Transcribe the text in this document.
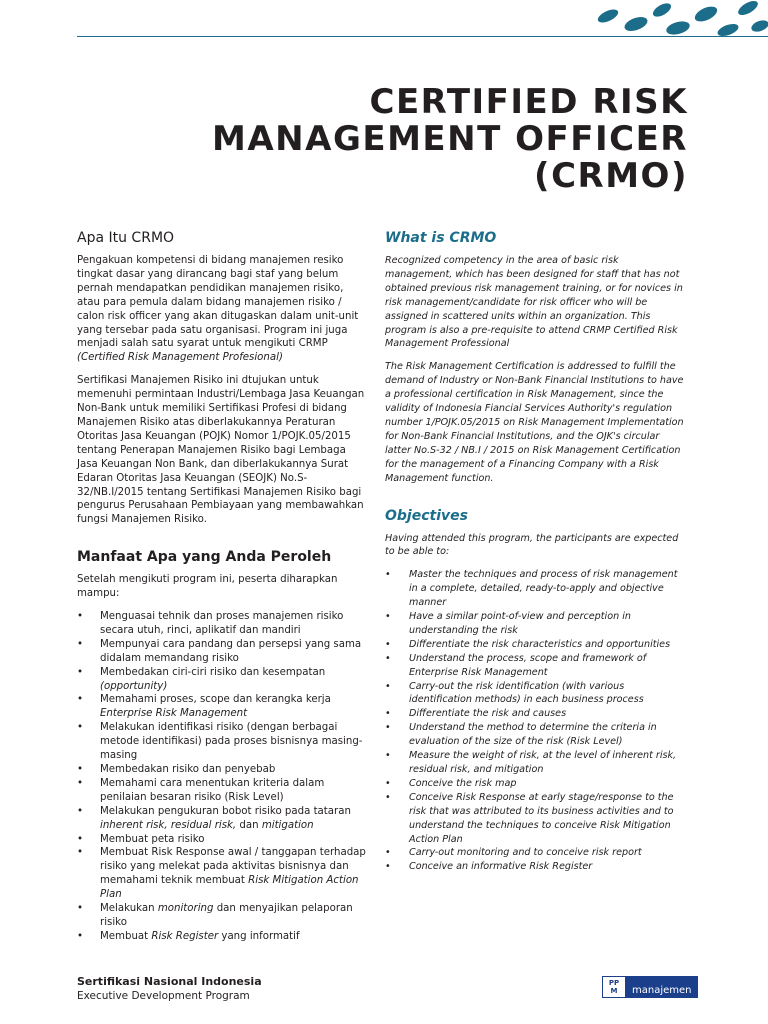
CERTIFIED RISK
MANAGEMENT OFFICER
(CRMO)
Apa Itu CRMO

Pengakuan kompetensi di bidang manajemen resiko tingkat dasar yang dirancang bagi staf yang belum pernah mendapatkan pendidikan manajemen risiko, atau para pemula dalam bidang manajemen risiko / calon risk officer yang akan ditugaskan dalam unit-unit yang tersebar pada satu organisasi. Program ini juga menjadi salah satu syarat untuk mengikuti CRMP (Certified Risk Management Profesional)

Sertifikasi Manajemen Risiko ini dtujukan untuk memenuhi permintaan Industri/Lembaga Jasa Keuangan Non-Bank untuk memiliki Sertifikasi Profesi di bidang Manajemen Risiko atas diberlakukannya Peraturan Otoritas Jasa Keuangan (POJK) Nomor 1/POJK.05/2015 tentang Penerapan Manajemen Risiko bagi Lembaga Jasa Keuangan Non Bank, dan diberlakukannya Surat Edaran Otoritas Jasa Keuangan (SEOJK) No.S-32/NB.I/2015 tentang Sertifikasi Manajemen Risiko bagi pengurus Perusahaan Pembiayaan yang membawahkan fungsi Manajemen Risiko.

Manfaat Apa yang Anda Peroleh

Setelah mengikuti program ini, peserta diharapkan mampu:

• Menguasai tehnik dan proses manajemen risiko secara utuh, rinci, aplikatif dan mandiri
• Mempunyai cara pandang dan persepsi yang sama didalam memandang risiko
• Membedakan ciri-ciri risiko dan kesempatan (opportunity)
• Memahami proses, scope dan kerangka kerja Enterprise Risk Management
• Melakukan identifikasi risiko (dengan berbagai metode identifikasi) pada proses bisnisnya masing-masing
• Membedakan risiko dan penyebab
• Memahami cara menentukan kriteria dalam penilaian besaran risiko (Risk Level)
• Melakukan pengukuran bobot risiko pada tataran inherent risk, residual risk, dan mitigation
• Membuat peta risiko
• Membuat Risk Response awal / tanggapan terhadap risiko yang melekat pada aktivitas bisnisnya dan memahami teknik membuat Risk Mitigation Action Plan
• Melakukan monitoring dan menyajikan pelaporan risiko
• Membuat Risk Register yang informatif
What is CRMO

Recognized competency in the area of basic risk management, which has been designed for staff that has not obtained previous risk management training, or for novices in risk management/candidate for risk officer who will be assigned in scattered units within an organization. This program is also a pre-requisite to attend CRMP Certified Risk Management Professional

The Risk Management Certification is addressed to fulfill the demand of Industry or Non-Bank Financial Institutions to have a professional certification in Risk Management, since the validity of Indonesia Fiancial Services Authority's regulation number 1/POJK.05/2015 on Risk Management Implementation for Non-Bank Financial Institutions, and the OJK's circular latter No.S-32 / NB.I / 2015 on Risk Management Certification for the management of a Financing Company with a Risk Management function.

Objectives

Having attended this program, the participants are expected to be able to:

• Master the techniques and process of risk management in a complete, detailed, ready-to-apply and objective manner
• Have a similar point-of-view and perception in understanding the risk
• Differentiate the risk characteristics and opportunities
• Understand the process, scope and framework of Enterprise Risk Management
• Carry-out the risk identification (with various identification methods) in each business process
• Differentiate the risk and causes
• Understand the method to determine the criteria in evaluation of the size of the risk (Risk Level)
• Measure the weight of risk, at the level of inherent risk, residual risk, and mitigation
• Conceive the risk map
• Conceive Risk Response at early stage/response to the risk that was attributed to its business activities and to understand the techniques to conceive Risk Mitigation Action Plan
• Carry-out monitoring and to conceive risk report
• Conceive an informative Risk Register
Sertifikasi Nasional Indonesia
Executive Development Program
PP
M	manajemen
